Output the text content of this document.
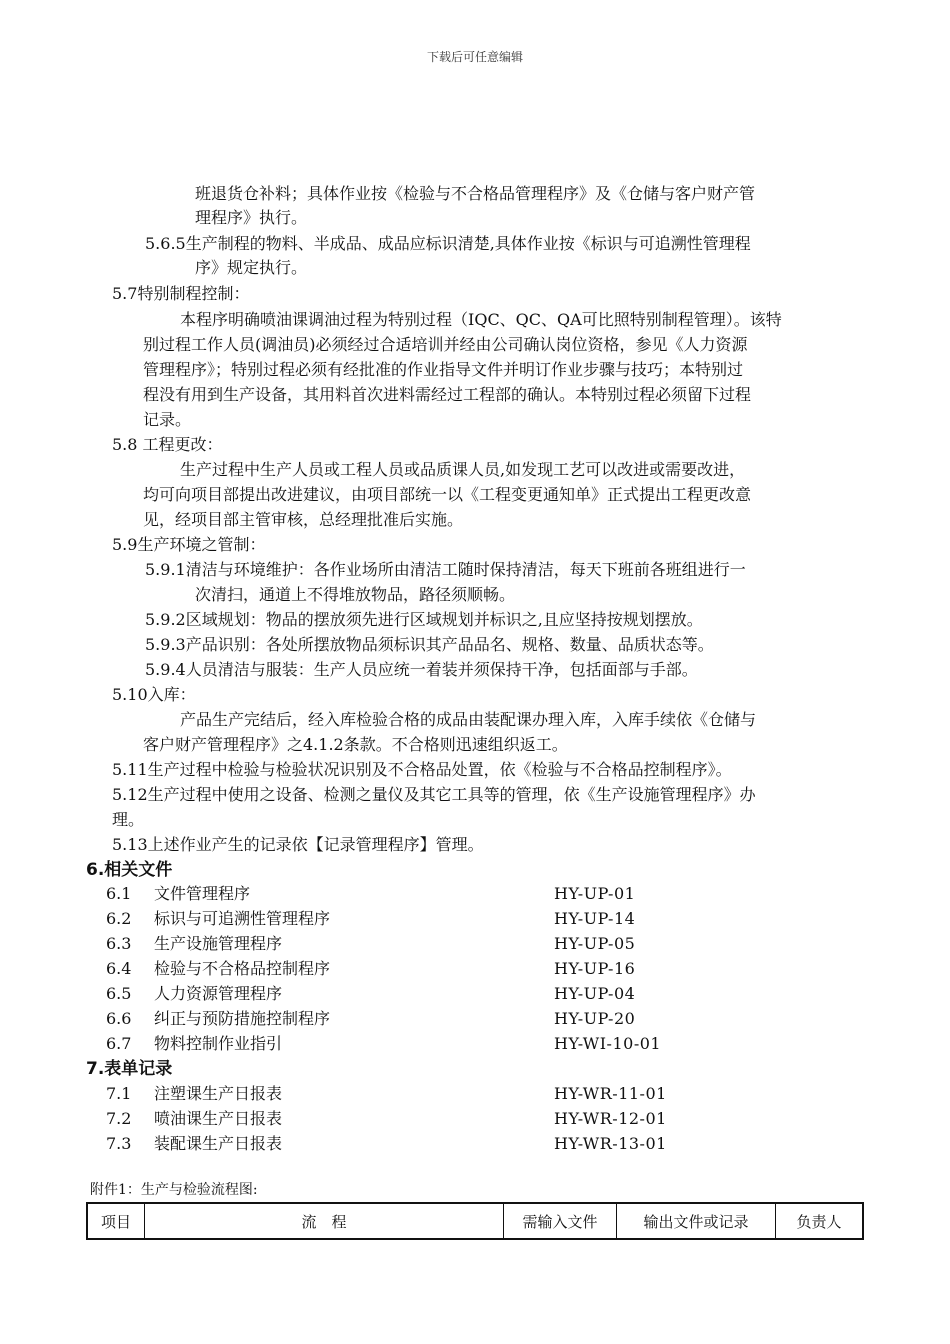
下载后可任意编辑
班退货仓补料；具体作业按《检验与不合格品管理程序》及《仓储与客户财产管
理程序》执行。
5.6.5生产制程的物料、半成品、成品应标识清楚,具体作业按《标识与可追溯性管理程
序》规定执行。
5.7特别制程控制：
本程序明确喷油课调油过程为特别过程（IQC、QC、QA可比照特别制程管理）。该特
别过程工作人员(调油员)必须经过合适培训并经由公司确认岗位资格，参见《人力资源
管理程序》；特别过程必须有经批准的作业指导文件并明订作业步骤与技巧；本特别过
程没有用到生产设备，其用料首次进料需经过工程部的确认。本特别过程必须留下过程
记录。
5.8 工程更改：
生产过程中生产人员或工程人员或品质课人员,如发现工艺可以改进或需要改进，
均可向项目部提出改进建议，由项目部统一以《工程变更通知单》正式提出工程更改意
见，经项目部主管审核，总经理批准后实施。
5.9生产环境之管制：
5.9.1清洁与环境维护：各作业场所由清洁工随时保持清洁，每天下班前各班组进行一
次清扫，通道上不得堆放物品，路径须顺畅。
5.9.2区域规划：物品的摆放须先进行区域规划并标识之,且应坚持按规划摆放。
5.9.3产品识别：各处所摆放物品须标识其产品品名、规格、数量、品质状态等。
5.9.4人员清洁与服装：生产人员应统一着装并须保持干净，包括面部与手部。
5.10入库：
产品生产完结后，经入库检验合格的成品由装配课办理入库，入库手续依《仓储与
客户财产管理程序》之4.1.2条款。不合格则迅速组织返工。
5.11生产过程中检验与检验状况识别及不合格品处置，依《检验与不合格品控制程序》。
5.12生产过程中使用之设备、检测之量仪及其它工具等的管理，依《生产设施管理程序》办
理。
5.13上述作业产生的记录依【记录管理程序】管理。
6.相关文件
6.1 文件管理程序	HY-UP-01
6.2 标识与可追溯性管理程序	HY-UP-14
6.3 生产设施管理程序	HY-UP-05
6.4 检验与不合格品控制程序	HY-UP-16
6.5 人力资源管理程序	HY-UP-04
6.6 纠正与预防措施控制程序	HY-UP-20
6.7 物料控制作业指引	HY-WI-10-01
7.表单记录
7.1 注塑课生产日报表	HY-WR-11-01
7.2 喷油课生产日报表	HY-WR-12-01
7.3 装配课生产日报表	HY-WR-13-01
附件1：生产与检验流程图:
项目	流　程	需输入文件	输出文件或记录	负责人
